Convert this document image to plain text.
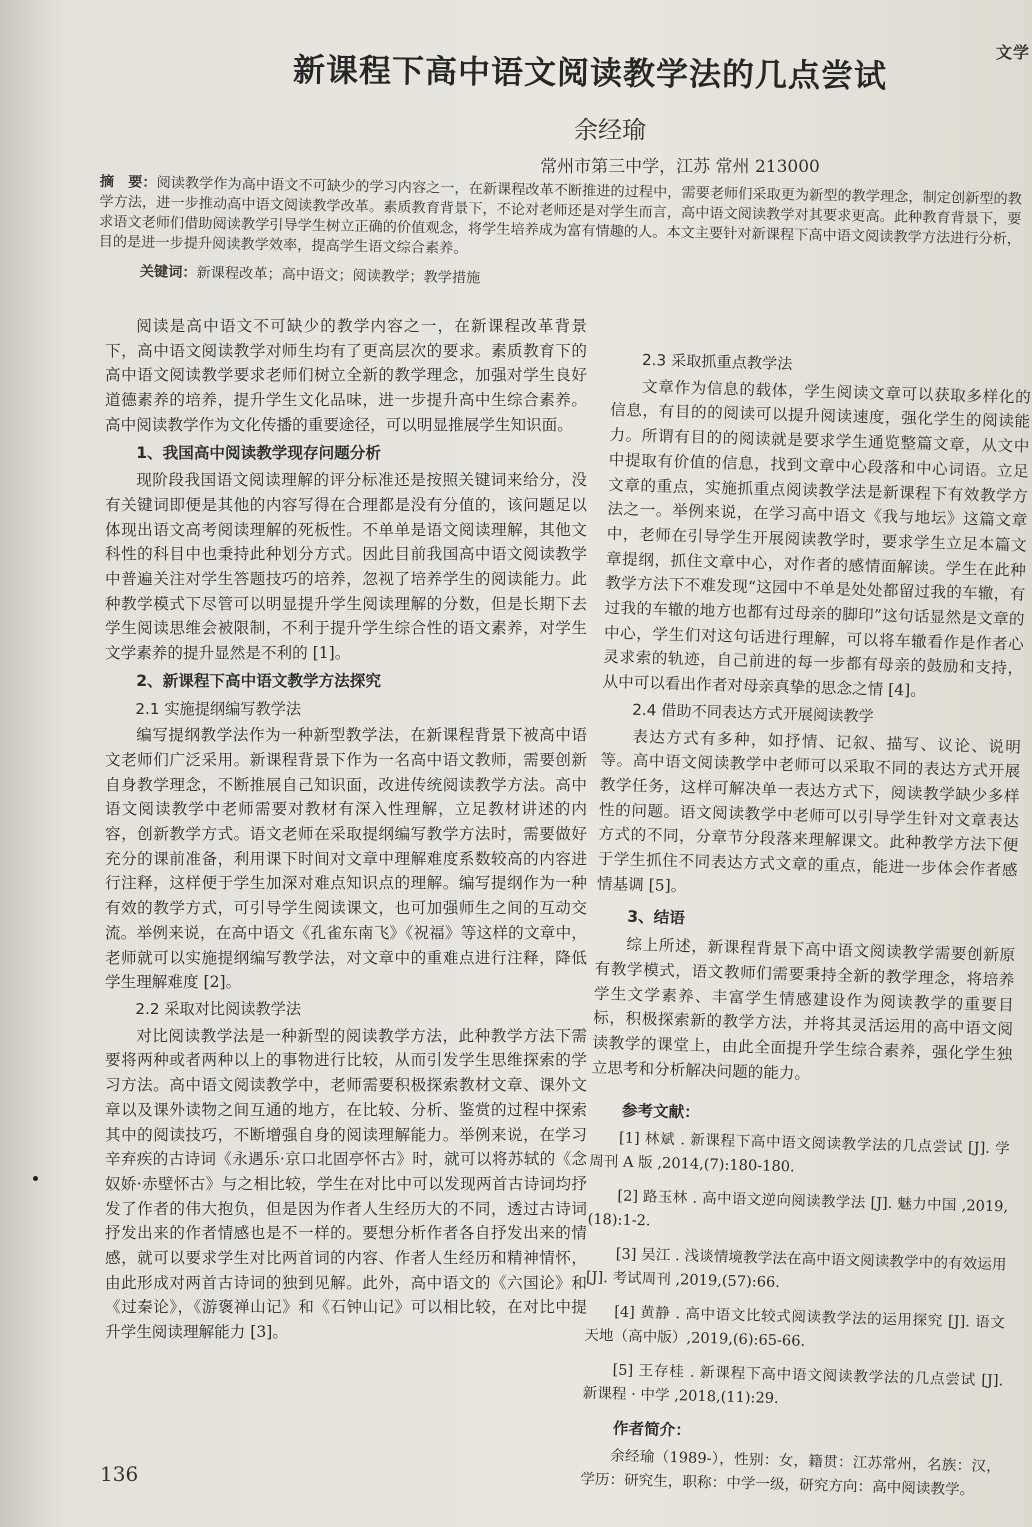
文学
新课程下高中语文阅读教学法的几点尝试
余经瑜
常州市第三中学，江苏 常州 213000
摘　要：阅读教学作为高中语文不可缺少的学习内容之一，在新课程改革不断推进的过程中，需要老师们采取更为新型的教学理念，制定创新型的教学方法，进一步推动高中语文阅读教学改革。素质教育背景下，不论对老师还是对学生而言，高中语文阅读教学对其要求更高。此种教育背景下，要求语文老师们借助阅读教学引导学生树立正确的价值观念，将学生培养成为富有情趣的人。本文主要针对新课程下高中语文阅读教学方法进行分析，目的是进一步提升阅读教学效率，提高学生语文综合素养。
关键词：新课程改革；高中语文；阅读教学；教学措施

阅读是高中语文不可缺少的教学内容之一，在新课程改革背景下，高中语文阅读教学对师生均有了更高层次的要求。素质教育下的高中语文阅读教学要求老师们树立全新的教学理念，加强对学生良好道德素养的培养，提升学生文化品味，进一步提升高中生综合素养。高中阅读教学作为文化传播的重要途径，可以明显推展学生知识面。

1、我国高中阅读教学现存问题分析

现阶段我国语文阅读理解的评分标准还是按照关键词来给分，没有关键词即便是其他的内容写得在合理都是没有分值的，该问题足以体现出语文高考阅读理解的死板性。不单单是语文阅读理解，其他文科性的科目中也秉持此种划分方式。因此目前我国高中语文阅读教学中普遍关注对学生答题技巧的培养，忽视了培养学生的阅读能力。此种教学模式下尽管可以明显提升学生阅读理解的分数，但是长期下去学生阅读思维会被限制，不利于提升学生综合性的语文素养，对学生文学素养的提升显然是不利的 [1]。

2、新课程下高中语文教学方法探究
2.1 实施提纲编写教学法

编写提纲教学法作为一种新型教学法，在新课程背景下被高中语文老师们广泛采用。新课程背景下作为一名高中语文教师，需要创新自身教学理念，不断推展自己知识面，改进传统阅读教学方法。高中语文阅读教学中老师需要对教材有深入性理解，立足教材讲述的内容，创新教学方式。语文老师在采取提纲编写教学方法时，需要做好充分的课前准备，利用课下时间对文章中理解难度系数较高的内容进行注释，这样便于学生加深对难点知识点的理解。编写提纲作为一种有效的教学方式，可引导学生阅读课文，也可加强师生之间的互动交流。举例来说，在高中语文《孔雀东南飞》《祝福》等这样的文章中，老师就可以实施提纲编写教学法，对文章中的重难点进行注释，降低学生理解难度 [2]。

2.2 采取对比阅读教学法

对比阅读教学法是一种新型的阅读教学方法，此种教学方法下需要将两种或者两种以上的事物进行比较，从而引发学生思维探索的学习方法。高中语文阅读教学中，老师需要积极探索教材文章、课外文章以及课外读物之间互通的地方，在比较、分析、鉴赏的过程中探索其中的阅读技巧，不断增强自身的阅读理解能力。举例来说，在学习辛弃疾的古诗词《永遇乐·京口北固亭怀古》时，就可以将苏轼的《念奴娇·赤壁怀古》与之相比较，学生在对比中可以发现两首古诗词均抒发了作者的伟大抱负，但是因为作者人生经历大的不同，透过古诗词抒发出来的作者情感也是不一样的。要想分析作者各自抒发出来的情感，就可以要求学生对比两首词的内容、作者人生经历和精神情怀，由此形成对两首古诗词的独到见解。此外，高中语文的《六国论》和《过秦论》，《游褒禅山记》和《石钟山记》可以相比较，在对比中提升学生阅读理解能力 [3]。

2.3 采取抓重点教学法

文章作为信息的载体，学生阅读文章可以获取多样化的信息，有目的的阅读可以提升阅读速度，强化学生的阅读能力。所谓有目的的阅读就是要求学生通览整篇文章，从文中中提取有价值的信息，找到文章中心段落和中心词语。立足文章的重点，实施抓重点阅读教学法是新课程下有效教学方法之一。举例来说，在学习高中语文《我与地坛》这篇文章中，老师在引导学生开展阅读教学时，要求学生立足本篇文章提纲，抓住文章中心，对作者的感情面解读。学生在此种教学方法下不难发现“这园中不单是处处都留过我的车辙，有过我的车辙的地方也都有过母亲的脚印”这句话显然是文章的中心，学生们对这句话进行理解，可以将车辙看作是作者心灵求索的轨迹，自己前进的每一步都有母亲的鼓励和支持，从中可以看出作者对母亲真挚的思念之情 [4]。

2.4 借助不同表达方式开展阅读教学

表达方式有多种，如抒情、记叙、描写、议论、说明等。高中语文阅读教学中老师可以采取不同的表达方式开展教学任务，这样可解决单一表达方式下，阅读教学缺少多样性的问题。语文阅读教学中老师可以引导学生针对文章表达方式的不同，分章节分段落来理解课文。此种教学方法下便于学生抓住不同表达方式文章的重点，能进一步体会作者感情基调 [5]。

3、结语

综上所述，新课程背景下高中语文阅读教学需要创新原有教学模式，语文教师们需要秉持全新的教学理念，将培养学生文学素养、丰富学生情感建设作为阅读教学的重要目标，积极探索新的教学方法，并将其灵活运用的高中语文阅读教学的课堂上，由此全面提升学生综合素养，强化学生独立思考和分析解决问题的能力。

参考文献：
[1] 林斌 . 新课程下高中语文阅读教学法的几点尝试 [J]. 学周刊 A 版 ,2014,(7):180-180.
[2] 路玉林 . 高中语文逆向阅读教学法 [J]. 魅力中国 ,2019,(18):1-2.
[3] 吴江 . 浅谈情境教学法在高中语文阅读教学中的有效运用 [J]. 考试周刊 ,2019,(57):66.
[4] 黄静 . 高中语文比较式阅读教学法的运用探究 [J]. 语文天地（高中版）,2019,(6):65-66.
[5] 王存桂 . 新课程下高中语文阅读教学法的几点尝试 [J]. 新课程 · 中学 ,2018,(11):29.
作者简介：

余经瑜（1989-），性别：女，籍贯：江苏常州，名族：汉，学历：研究生，职称：中学一级，研究方向：高中阅读教学。

136
